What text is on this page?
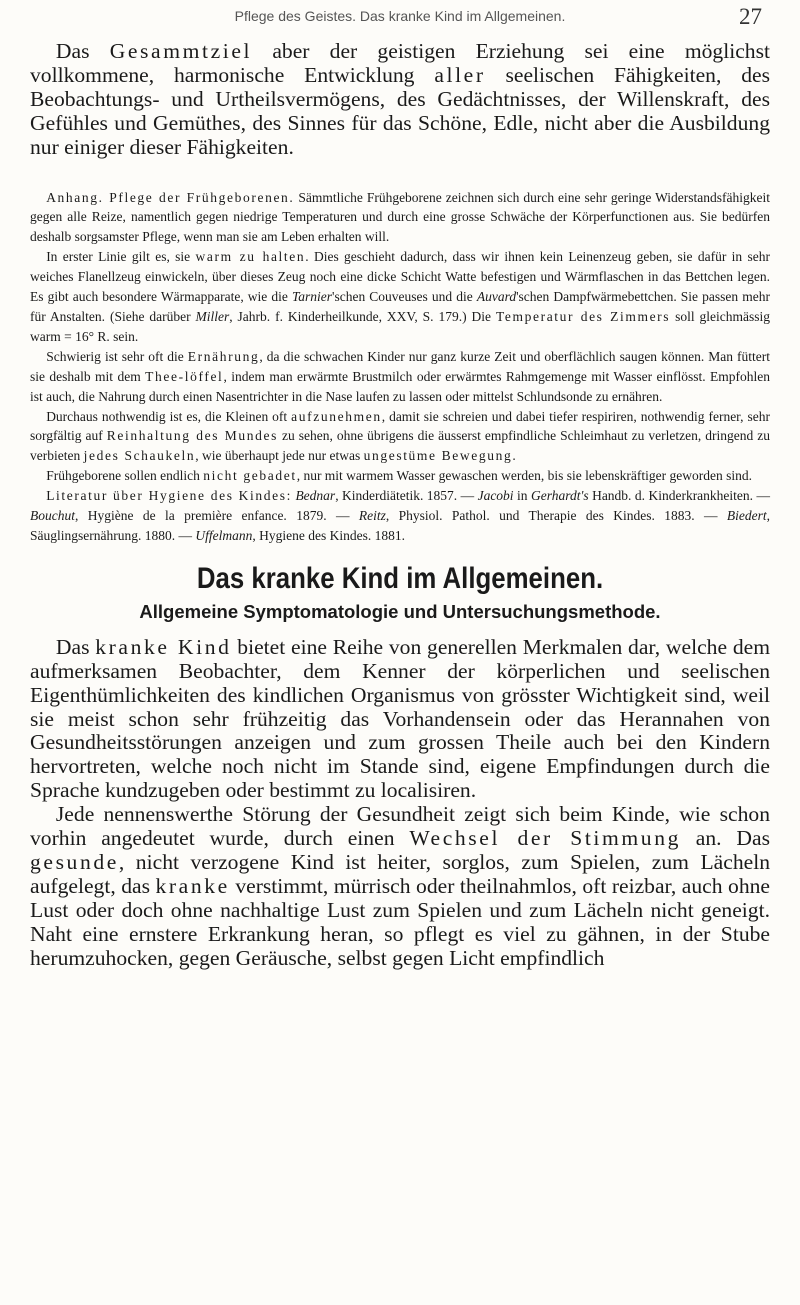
Pflege des Geistes. Das kranke Kind im Allgemeinen.	27

Das Gesammtziel aber der geistigen Erziehung sei eine möglichst vollkommene, harmonische Entwicklung aller seelischen Fähigkeiten, des Beobachtungs- und Urtheilsvermögens, des Gedächtnisses, der Willenskraft, des Gefühles und Gemüthes, des Sinnes für das Schöne, Edle, nicht aber die Ausbildung nur einiger dieser Fähigkeiten.

Anhang. Pflege der Frühgeborenen. Sämmtliche Frühgeborene zeichnen sich durch eine sehr geringe Widerstandsfähigkeit gegen alle Reize, namentlich gegen niedrige Temperaturen und durch eine grosse Schwäche der Körperfunctionen aus. Sie bedürfen deshalb sorgsamster Pflege, wenn man sie am Leben erhalten will.

In erster Linie gilt es, sie warm zu halten. Dies geschieht dadurch, dass wir ihnen kein Leinenzeug geben, sie dafür in sehr weiches Flanellzeug einwickeln, über dieses Zeug noch eine dicke Schicht Watte befestigen und Wärmflaschen in das Bettchen legen. Es gibt auch besondere Wärmapparate, wie die Tarnier'schen Couveuses und die Auvard'schen Dampfwärmebettchen. Sie passen mehr für Anstalten. (Siehe darüber Miller, Jahrb. f. Kinderheilkunde, XXV, S. 179.) Die Temperatur des Zimmers soll gleichmässig warm = 16° R. sein.

Schwierig ist sehr oft die Ernährung, da die schwachen Kinder nur ganz kurze Zeit und oberflächlich saugen können. Man füttert sie deshalb mit dem Thee-löffel, indem man erwärmte Brustmilch oder erwärmtes Rahmgemenge mit Wasser einflösst. Empfohlen ist auch, die Nahrung durch einen Nasentrichter in die Nase laufen zu lassen oder mittelst Schlundsonde zu ernähren.

Durchaus nothwendig ist es, die Kleinen oft aufzunehmen, damit sie schreien und dabei tiefer respiriren, nothwendig ferner, sehr sorgfältig auf Reinhaltung des Mundes zu sehen, ohne übrigens die äusserst empfindliche Schleimhaut zu verletzen, dringend zu verbieten jedes Schaukeln, wie überhaupt jede nur etwas ungestüme Bewegung.

Frühgeborene sollen endlich nicht gebadet, nur mit warmem Wasser gewaschen werden, bis sie lebenskräftiger geworden sind.

Literatur über Hygiene des Kindes: Bednar, Kinderdiätetik. 1857. — Jacobi in Gerhardt's Handb. d. Kinderkrankheiten. — Bouchut, Hygiène de la première enfance. 1879. — Reitz, Physiol. Pathol. und Therapie des Kindes. 1883. — Biedert, Säuglingsernährung. 1880. — Uffelmann, Hygiene des Kindes. 1881.

Das kranke Kind im Allgemeinen.
Allgemeine Symptomatologie und Untersuchungsmethode.

Das kranke Kind bietet eine Reihe von generellen Merkmalen dar, welche dem aufmerksamen Beobachter, dem Kenner der körperlichen und seelischen Eigenthümlichkeiten des kindlichen Organismus von grösster Wichtigkeit sind, weil sie meist schon sehr frühzeitig das Vorhandensein oder das Herannahen von Gesundheitsstörungen anzeigen und zum grossen Theile auch bei den Kindern hervortreten, welche noch nicht im Stande sind, eigene Empfindungen durch die Sprache kundzugeben oder bestimmt zu localisiren.

Jede nennenswerthe Störung der Gesundheit zeigt sich beim Kinde, wie schon vorhin angedeutet wurde, durch einen Wechsel der Stimmung an. Das gesunde, nicht verzogene Kind ist heiter, sorglos, zum Spielen, zum Lächeln aufgelegt, das kranke verstimmt, mürrisch oder theilnahmlos, oft reizbar, auch ohne Lust oder doch ohne nachhaltige Lust zum Spielen und zum Lächeln nicht geneigt. Naht eine ernstere Erkrankung heran, so pflegt es viel zu gähnen, in der Stube herumzuhocken, gegen Geräusche, selbst gegen Licht empfindlich
